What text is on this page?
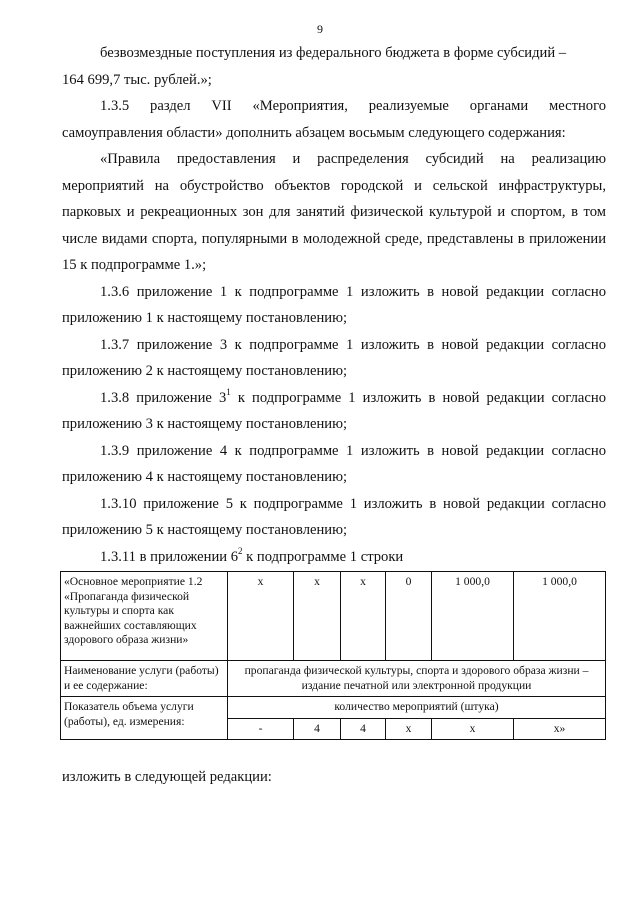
9

безвозмездные поступления из федерального бюджета в форме субсидий –

164 699,7 тыс. рублей.»;

1.3.5 раздел VII «Мероприятия, реализуемые органами местного самоуправления области» дополнить абзацем восьмым следующего содержания:

«Правила предоставления и распределения субсидий на реализацию мероприятий на обустройство объектов городской и сельской инфраструктуры, парковых и рекреационных зон для занятий физической культурой и спортом, в том числе видами спорта, популярными в молодежной среде, представлены в приложении 15 к подпрограмме 1.»;

1.3.6 приложение 1 к подпрограмме 1 изложить в новой редакции согласно приложению 1 к настоящему постановлению;

1.3.7 приложение 3 к подпрограмме 1 изложить в новой редакции согласно приложению 2 к настоящему постановлению;

1.3.8 приложение $3^1$ к подпрограмме 1 изложить в новой редакции согласно приложению 3 к настоящему постановлению;

1.3.9 приложение 4 к подпрограмме 1 изложить в новой редакции согласно приложению 4 к настоящему постановлению;

1.3.10 приложение 5 к подпрограмме 1 изложить в новой редакции согласно приложению 5 к настоящему постановлению;

1.3.11 в приложении $6^2$ к подпрограмме 1 строки

«Основное мероприятие 1.2 «Пропаганда физической культуры и спорта как важнейших составляющих здорового образа жизни»	х	х	х	0	1 000,0	1 000,0
Наименование услуги (работы) и ее содержание:	пропаганда физической культуры, спорта и здорового образа жизни –
издание печатной или электронной продукции					

Показатель объема услуги (работы), ед. измерения:	количество мероприятий (штука)					
	-	4	4	х	х	х»

изложить в следующей редакции:
